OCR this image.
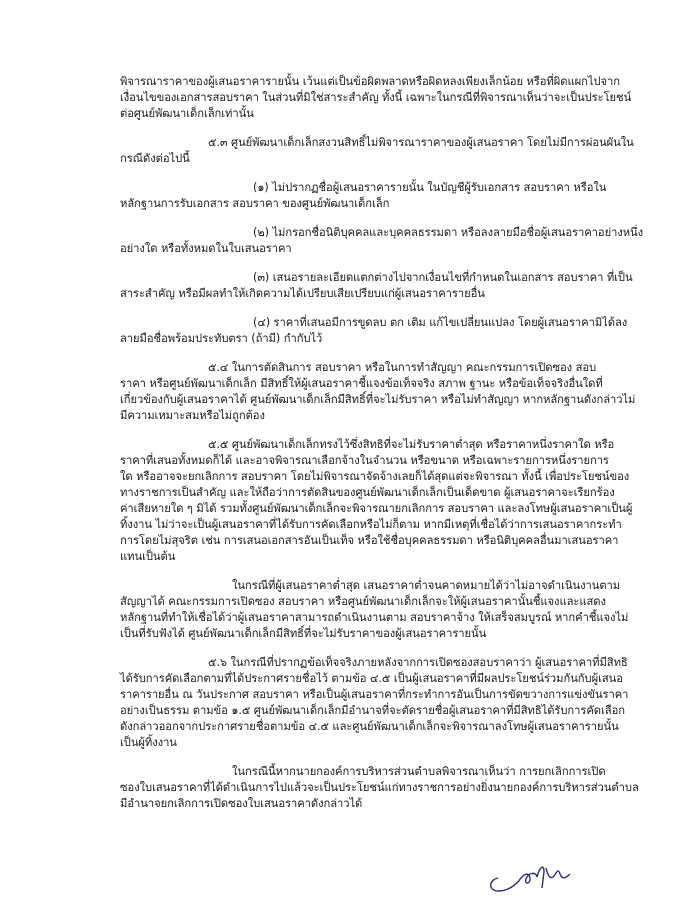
พิจารณาราคาของผู้เสนอราคารายนั้น เว้นแต่เป็นข้อผิดพลาดหรือผิดหลงเพียงเล็กน้อย หรือที่ผิดแผกไปจาก
เงื่อนไขของเอกสารสอบราคา ในส่วนที่มิใช่สาระสำคัญ ทั้งนี้ เฉพาะในกรณีที่พิจารณาเห็นว่าจะเป็นประโยชน์
ต่อศูนย์พัฒนาเด็กเล็กเท่านั้น
๕.๓ ศูนย์พัฒนาเด็กเล็กสงวนสิทธิ์ไม่พิจารณาราคาของผู้เสนอราคา โดยไม่มีการผ่อนผันใน
กรณีดังต่อไปนี้
(๑) ไม่ปรากฏชื่อผู้เสนอราคารายนั้น ในบัญชีผู้รับเอกสาร สอบราคา หรือใน
หลักฐานการรับเอกสาร สอบราคา ของศูนย์พัฒนาเด็กเล็ก
(๒) ไม่กรอกชื่อนิติบุคคลและบุคคลธรรมดา หรือลงลายมือชื่อผู้เสนอราคาอย่างหนึ่ง
อย่างใด หรือทั้งหมดในใบเสนอราคา
(๓) เสนอรายละเอียดแตกต่างไปจากเงื่อนไขที่กำหนดในเอกสาร สอบราคา ที่เป็น
สาระสำคัญ หรือมีผลทำให้เกิดความได้เปรียบเสียเปรียบแก่ผู้เสนอราคารายอื่น
(๔) ราคาที่เสนอมีการขูดลบ ตก เติม แก้ไขเปลี่ยนแปลง โดยผู้เสนอราคามิได้ลง
ลายมือชื่อพร้อมประทับตรา (ถ้ามี) กำกับไว้
๕.๔ ในการตัดสินการ สอบราคา หรือในการทำสัญญา คณะกรรมการเปิดซอง สอบ
ราคา หรือศูนย์พัฒนาเด็กเล็ก มีสิทธิ์ให้ผู้เสนอราคาชี้แจงข้อเท็จจริง สภาพ ฐานะ หรือข้อเท็จจริงอื่นใดที่
เกี่ยวข้องกับผู้เสนอราคาได้ ศูนย์พัฒนาเด็กเล็กมีสิทธิ์ที่จะไม่รับราคา หรือไม่ทำสัญญา หากหลักฐานดังกล่าวไม่
มีความเหมาะสมหรือไม่ถูกต้อง
๕.๕ ศูนย์พัฒนาเด็กเล็กทรงไว้ซึ่งสิทธิที่จะไม่รับราคาต่ำสุด หรือราคาหนึ่งราคาใด หรือ
ราคาที่เสนอทั้งหมดก็ได้ และอาจพิจารณาเลือกจ้างในจำนวน หรือขนาด หรือเฉพาะรายการหนึ่งรายการ
ใด หรืออาจจะยกเลิกการ สอบราคา โดยไม่พิจารณาจัดจ้างเลยก็ได้สุดแต่จะพิจารณา ทั้งนี้ เพื่อประโยชน์ของ
ทางราชการเป็นสำคัญ และให้ถือว่าการตัดสินของศูนย์พัฒนาเด็กเล็กเป็นเด็ดขาด ผู้เสนอราคาจะเรียกร้อง
ค่าเสียหายใด ๆ มิได้ รวมทั้งศูนย์พัฒนาเด็กเล็กจะพิจารณายกเลิกการ สอบราคา และลงโทษผู้เสนอราคาเป็นผู้
ทิ้งงาน ไม่ว่าจะเป็นผู้เสนอราคาที่ได้รับการคัดเลือกหรือไม่ก็ตาม หากมีเหตุที่เชื่อได้ว่าการเสนอราคากระทำ
การโดยไม่สุจริต เช่น การเสนอเอกสารอันเป็นเท็จ หรือใช้ชื่อบุคคลธรรมดา หรือนิติบุคคลอื่นมาเสนอราคา
แทนเป็นต้น
ในกรณีที่ผู้เสนอราคาต่ำสุด เสนอราคาต่ำจนคาดหมายได้ว่าไม่อาจดำเนินงานตาม
สัญญาได้ คณะกรรมการเปิดซอง สอบราคา หรือศูนย์พัฒนาเด็กเล็กจะให้ผู้เสนอราคานั้นชี้แจงและแสดง
หลักฐานที่ทำให้เชื่อได้ว่าผู้เสนอราคาสามารถดำเนินงานตาม สอบราคาจ้าง ให้เสร็จสมบูรณ์ หากคำชี้แจงไม่
เป็นที่รับฟังได้ ศูนย์พัฒนาเด็กเล็กมีสิทธิ์ที่จะไม่รับราคาของผู้เสนอราคารายนั้น
๕.๖ ในกรณีที่ปรากฏข้อเท็จจริงภายหลังจากการเปิดซองสอบราคาว่า ผู้เสนอราคาที่มีสิทธิ
ได้รับการคัดเลือกตามที่ได้ประกาศรายชื่อไว้ ตามข้อ ๔.๕ เป็นผู้เสนอราคาที่มีผลประโยชน์ร่วมกันกับผู้เสนอ
ราคารายอื่น ณ วันประกาศ สอบราคา หรือเป็นผู้เสนอราคาที่กระทำการอันเป็นการขัดขวางการแข่งขันราคา
อย่างเป็นธรรม ตามข้อ ๑.๕ ศูนย์พัฒนาเด็กเล็กมีอำนาจที่จะตัดรายชื่อผู้เสนอราคาที่มีสิทธิได้รับการคัดเลือก
ดังกล่าวออกจากประกาศรายชื่อตามข้อ ๔.๕ และศูนย์พัฒนาเด็กเล็กจะพิจารณาลงโทษผู้เสนอราคารายนั้น
เป็นผู้ทิ้งงาน
ในกรณีนี้หากนายกองค์การบริหารส่วนตำบลพิจารณาเห็นว่า การยกเลิกการเปิด
ซองใบเสนอราคาที่ได้ดำเนินการไปแล้วจะเป็นประโยชน์แก่ทางราชการอย่างยิ่งนายกองค์การบริหารส่วนตำบล
มีอำนาจยกเลิกการเปิดซองใบเสนอราคาดังกล่าวได้
